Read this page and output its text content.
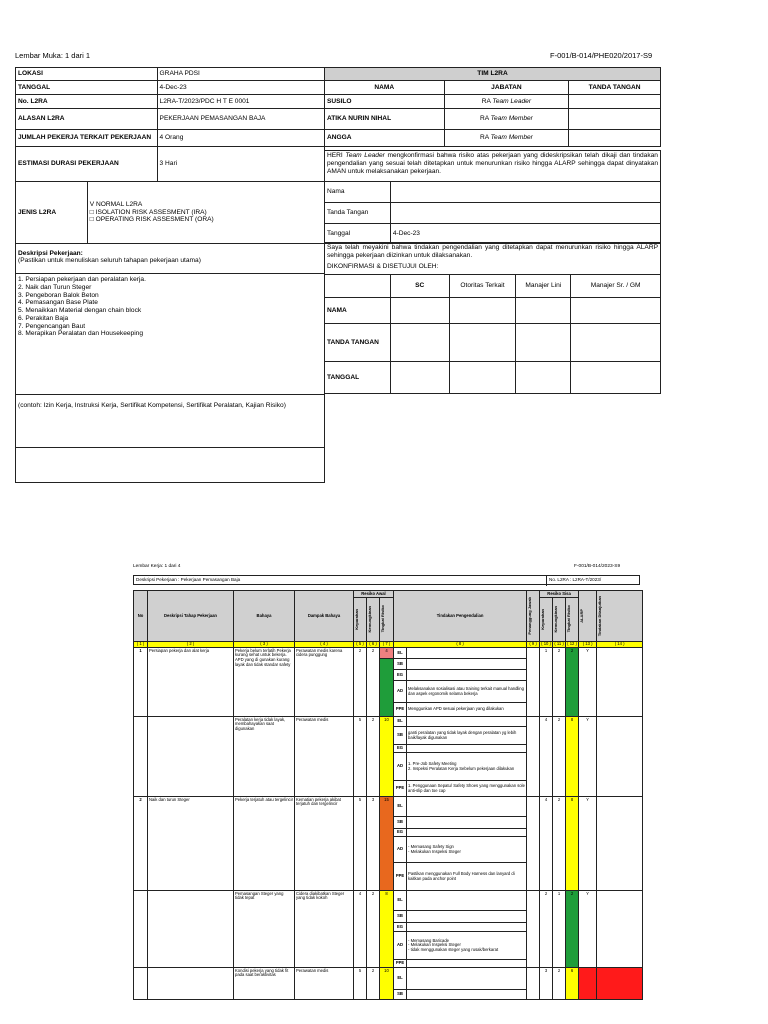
Lembar Muka: 1 dari 1	F-001/B-014/PHE020/2017-S9
LOKASI	GRAHA PDSI
TANGGAL	4-Dec-23
No. L2RA	L2RA-T/2023/PDC H T E 0001
ALASAN L2RA	PEKERJAAN PEMASANGAN BAJA
JUMLAH PEKERJA TERKAIT PEKERJAAN	4 Orang
ESTIMASI DURASI PEKERJAAN	3 Hari
JENIS L2RA	
V NORMAL L2RA
□ ISOLATION RISK ASSESMENT (IRA)
□ OPERATING RISK ASSESMENT (ORA)
Deskripsi Pekerjaan:
(Pastikan untuk menuliskan seluruh tahapan pekerjaan utama)
1. Persiapan pekerjaan dan peralatan kerja.
2. Naik dan Turun Steger
3. Pengeboran Balok Beton
4. Pemasangan Base Plate
5. Menaikkan Material dengan chain block
6. Perakitan Baja
7. Pengencangan Baut
8. Merapikan Peralatan dan Housekeeping
(contoh: Izin Kerja, Instruksi Kerja, Sertifikat Kompetensi, Sertifikat Peralatan, Kajian Risiko)
TIM L2RA		
NAMA	JABATAN	TANDA TANGAN
SUSILO	RA Team Leader	
ATIKA NURIN NIHAL	RA Team Member	
ANGGA	RA Team Member	
HERI Team Leader mengkonfirmasi bahwa risiko atas pekerjaan yang dideskripsikan telah dikaji dan tindakan pengendalian yang sesuai telah ditetapkan untuk menurunkan risiko hingga ALARP sehingga dapat dinyatakan AMAN untuk melaksanakan pekerjaan.
Nama	
Tanda Tangan	
Tanggal	4-Dec-23
Saya telah meyakini bahwa tindakan pengendalian yang ditetapkan dapat menurunkan risiko hingga ALARP sehingga pekerjaan diizinkan untuk dilaksanakan.
DIKONFIRMASI & DISETUJUI OLEH:
	SC	Otoritas Terkait	Manajer Lini	Manajer Sr. / GM
NAMA				
TANDA TANGAN				
TANGGAL				
Lembar Kerja: 1 dari 4	F-001/B-014/2023-S9
Deskripsi Pekerjaan : Pekerjaan Pemasangan Baja	No. L2RA : L2RA-T/2023/
No	Deskripsi Tahap Pekerjaan	Bahaya	Dampak Bahaya	Resiko Awal			Tindakan Pengendalian		Penanggung Jawab	Resiko Sisa			ALARP	Tindakan Dilanjutkan

				Keparahan	Kemungkinan	Tingkat Risiko				Keparahan	Kemungkinan	Tingkat Risiko		

( 1 )	( 2 )	( 3 )	( 4 )	( 5 )	( 6 )	( 7 )	( 8 )		( 9 )	( 10 )	( 11 )	( 12 )	( 13 )	( 14 )
1	Persiapan pekerja dan alat kerja	Pekerja belum terlatih Pekerja kurang sehat untuk bekerja. APD yang di gunakan kurang layak dan tidak standar safety	Perawatan medis karena cidera punggung	2	2	4	EL			1	2	2	Y	
							SB							
							EG							
							AD	Melaksanakan sosialisasi atau training terkait manual handling dan aspek ergonomik selama bekerja						
							PPE	Menggunkan APD sesuai pekerjaan yang dilakukan						
		Peralatan kerja tidak layak, membahayakan saat digunakan	Perawatan medis	5	2	10	EL			4	2	8	Y	
							SB	ganti peralatan yang tidak layak dengan peralatan yg lebih baik/layak digunakan						
							EG							
							AD	1. Pre-Job Safety Meeting
2. Inspeksi Peralatan Kerja Sebelum pekerjaan dilakukan						
							PPE	1. Penggunaan Sepatu/ Safety Shoes yang menggunakan sole anti-slip dan toe cap						
2	Naik dan turun Steger	Pekerja terjatuh atau tergelincir	Kematian pekerja akibat terjatuh dan tergelincir	5	3	15	EL			4	2	8	Y	
							SB							
							EG							
							AD	- Memasang Safety Sign
- Melakukan Inspeksi Steger						
							PPE	Pastikan menggunakan Full Body Harness dan lanyard di kaitkan pada anchor point						
		Pemasangan Steger yang tidak tepat	Cidera diakibatkan Steger yang tidak kokoh	4	2	8	EL			2	1	2	Y	
							SB							
							EG							
							AD	- Memasang Baricade
- Melakukan Inspeksi Steger
- tidak menggunakan steger yang rusak/berkarat						
							PPE							
		Kondisi pekerja yang tidak fit pada saat beraktivitas	Perawatan medis	5	2	10	EL			3	2	6		
							SB							
